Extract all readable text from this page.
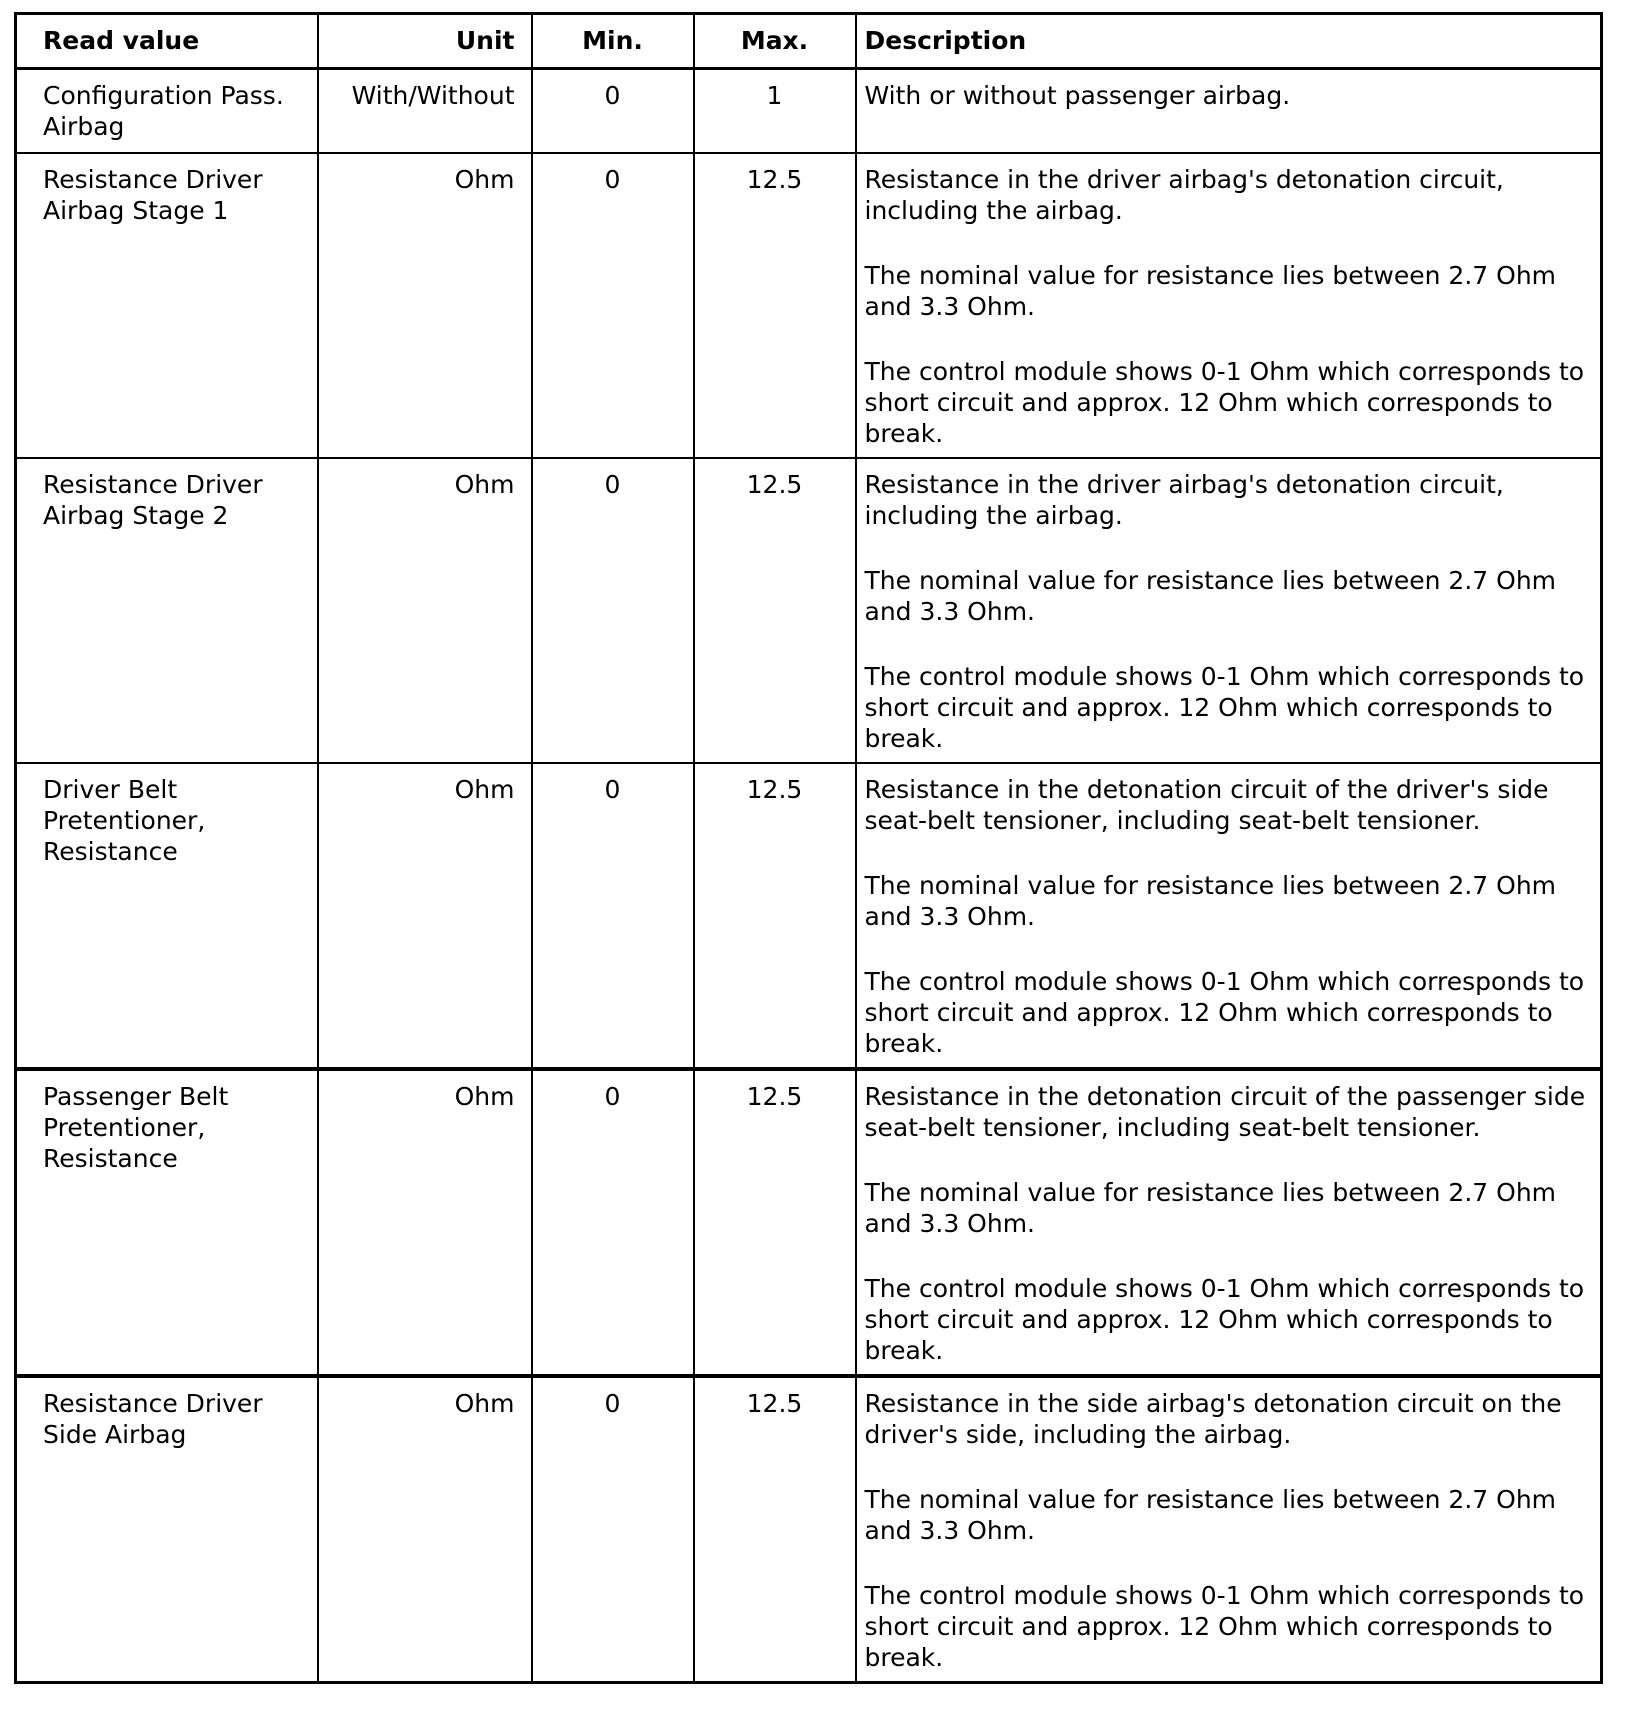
Read value	Unit	Min.	Max.	Description
Configuration Pass. Airbag	With/Without	0	1	With or without passenger airbag.

Resistance Driver Airbag Stage 1	Ohm	0	12.5	Resistance in the driver airbag's detonation circuit, including the airbag.

The nominal value for resistance lies between 2.7 Ohm and 3.3 Ohm.

The control module shows 0-1 Ohm which corresponds to short circuit and approx. 12 Ohm which corresponds to break.

Resistance Driver Airbag Stage 2	Ohm	0	12.5	Resistance in the driver airbag's detonation circuit, including the airbag.

The nominal value for resistance lies between 2.7 Ohm and 3.3 Ohm.

The control module shows 0-1 Ohm which corresponds to short circuit and approx. 12 Ohm which corresponds to break.

Driver Belt Pretentioner, Resistance	Ohm	0	12.5	Resistance in the detonation circuit of the driver's side seat-belt tensioner, including seat-belt tensioner.

The nominal value for resistance lies between 2.7 Ohm and 3.3 Ohm.

The control module shows 0-1 Ohm which corresponds to short circuit and approx. 12 Ohm which corresponds to break.

Passenger Belt Pretentioner, Resistance	Ohm	0	12.5	Resistance in the detonation circuit of the passenger side seat-belt tensioner, including seat-belt tensioner.

The nominal value for resistance lies between 2.7 Ohm and 3.3 Ohm.

The control module shows 0-1 Ohm which corresponds to short circuit and approx. 12 Ohm which corresponds to break.

Resistance Driver Side Airbag	Ohm	0	12.5	Resistance in the side airbag's detonation circuit on the driver's side, including the airbag.

The nominal value for resistance lies between 2.7 Ohm and 3.3 Ohm.

The control module shows 0-1 Ohm which corresponds to short circuit and approx. 12 Ohm which corresponds to break.
